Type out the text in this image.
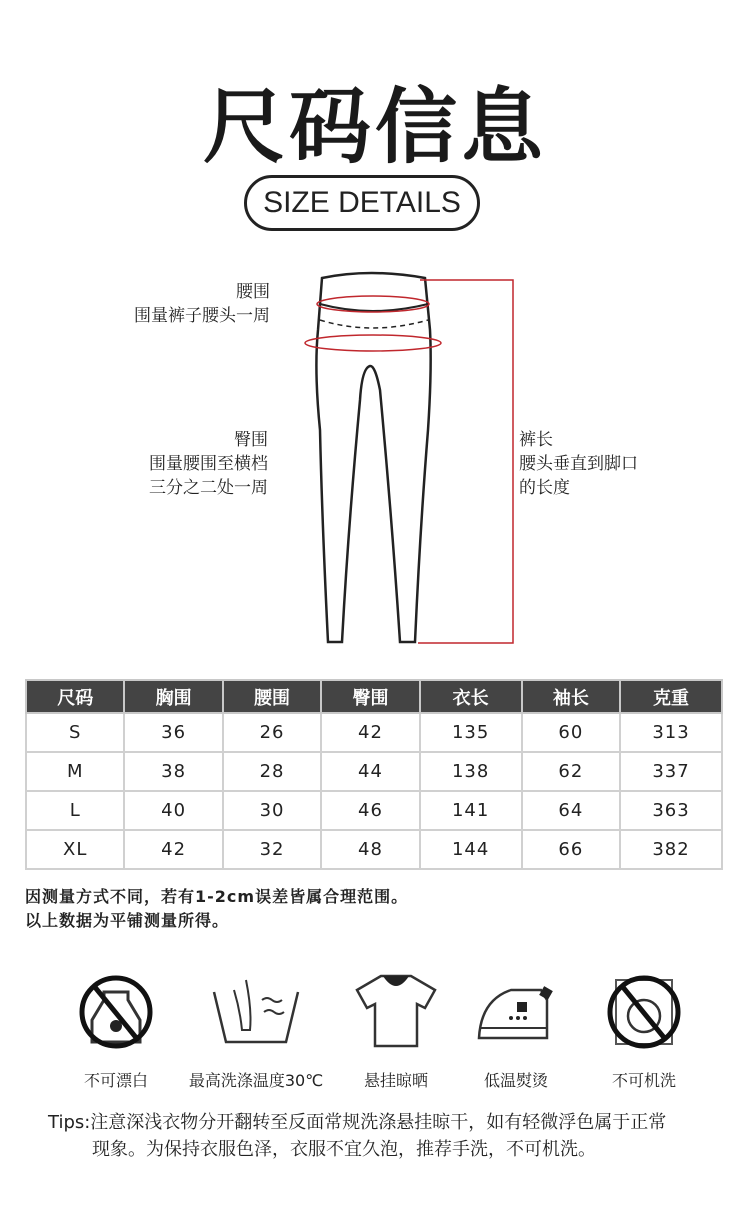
尺码信息
SIZE DETAILS
腰围
围量裤子腰头一周
臀围
围量腰围至横档
三分之二处一周
裤长
腰头垂直到脚口
的长度
尺码	胸围	腰围	臀围	衣长	袖长	克重
S	36	26	42	135	60	313
M	38	28	44	138	62	337
L	40	30	46	141	64	363
XL	42	32	48	144	66	382
因测量方式不同，若有1-2cm误差皆属合理范围。
以上数据为平铺测量所得。
不可漂白	最高洗涤温度30℃	悬挂晾晒	低温熨烫	不可机洗
Tips:注意深浅衣物分开翻转至反面常规洗涤悬挂晾干，如有轻微浮色属于正常
现象。为保持衣服色泽，衣服不宜久泡，推荐手洗，不可机洗。
